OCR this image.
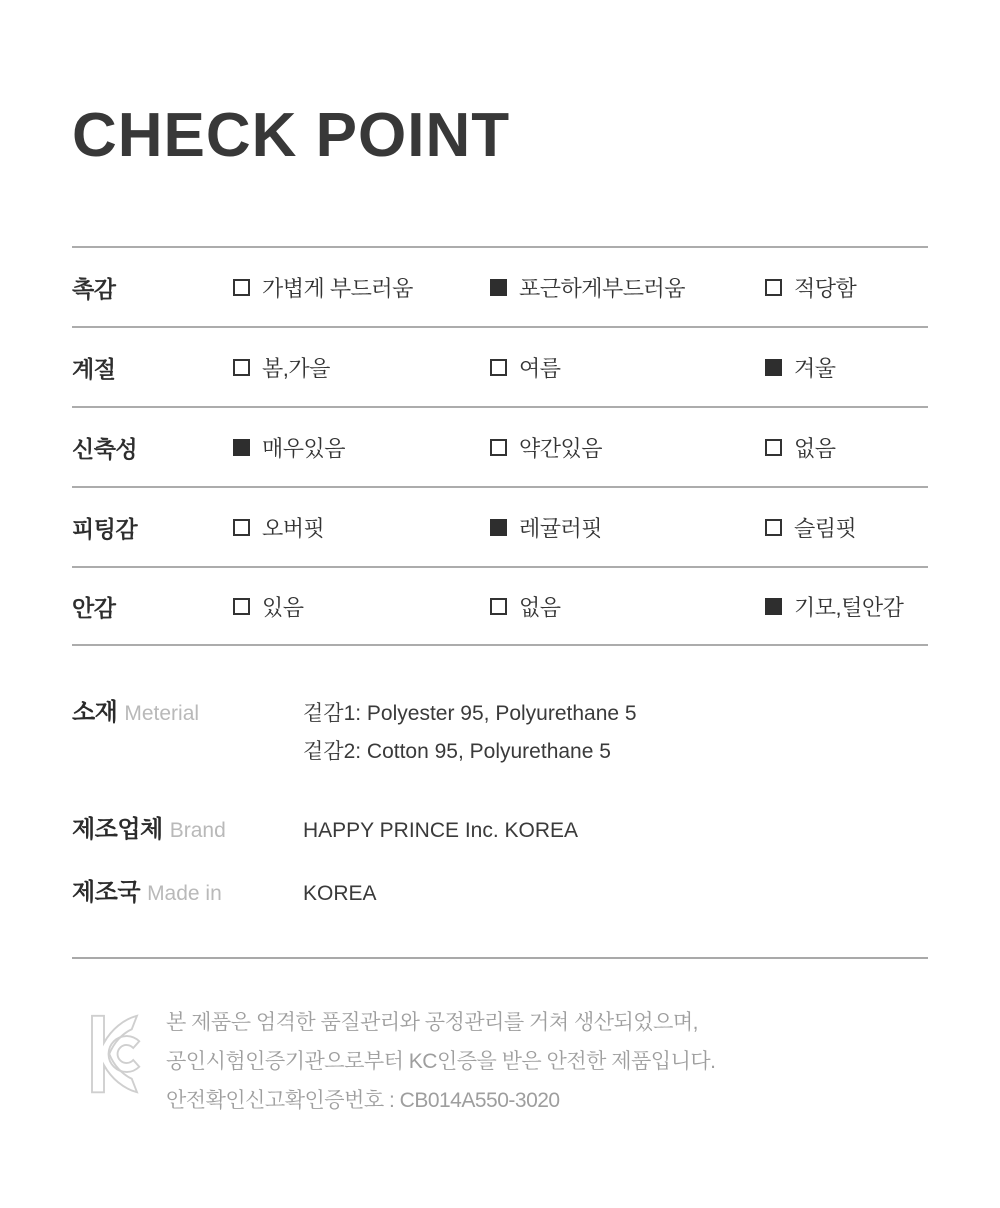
CHECK POINT
촉감	가볍게 부드러움	포근하게부드러움	적당함
계절	봄,가을	여름	겨울
신축성	매우있음	약간있음	없음
피팅감	오버핏	레귤러핏	슬림핏
안감	있음	없음	기모,털안감
소재 Meterial	겉감1: Polyester 95, Polyurethane 5
겉감2: Cotton 95, Polyurethane 5
제조업체 Brand	HAPPY PRINCE Inc. KOREA
제조국 Made in	KOREA
본 제품은 엄격한 품질관리와 공정관리를 거쳐 생산되었으며,
공인시험인증기관으로부터 KC인증을 받은 안전한 제품입니다.
안전확인신고확인증번호 : CB014A550-3020
